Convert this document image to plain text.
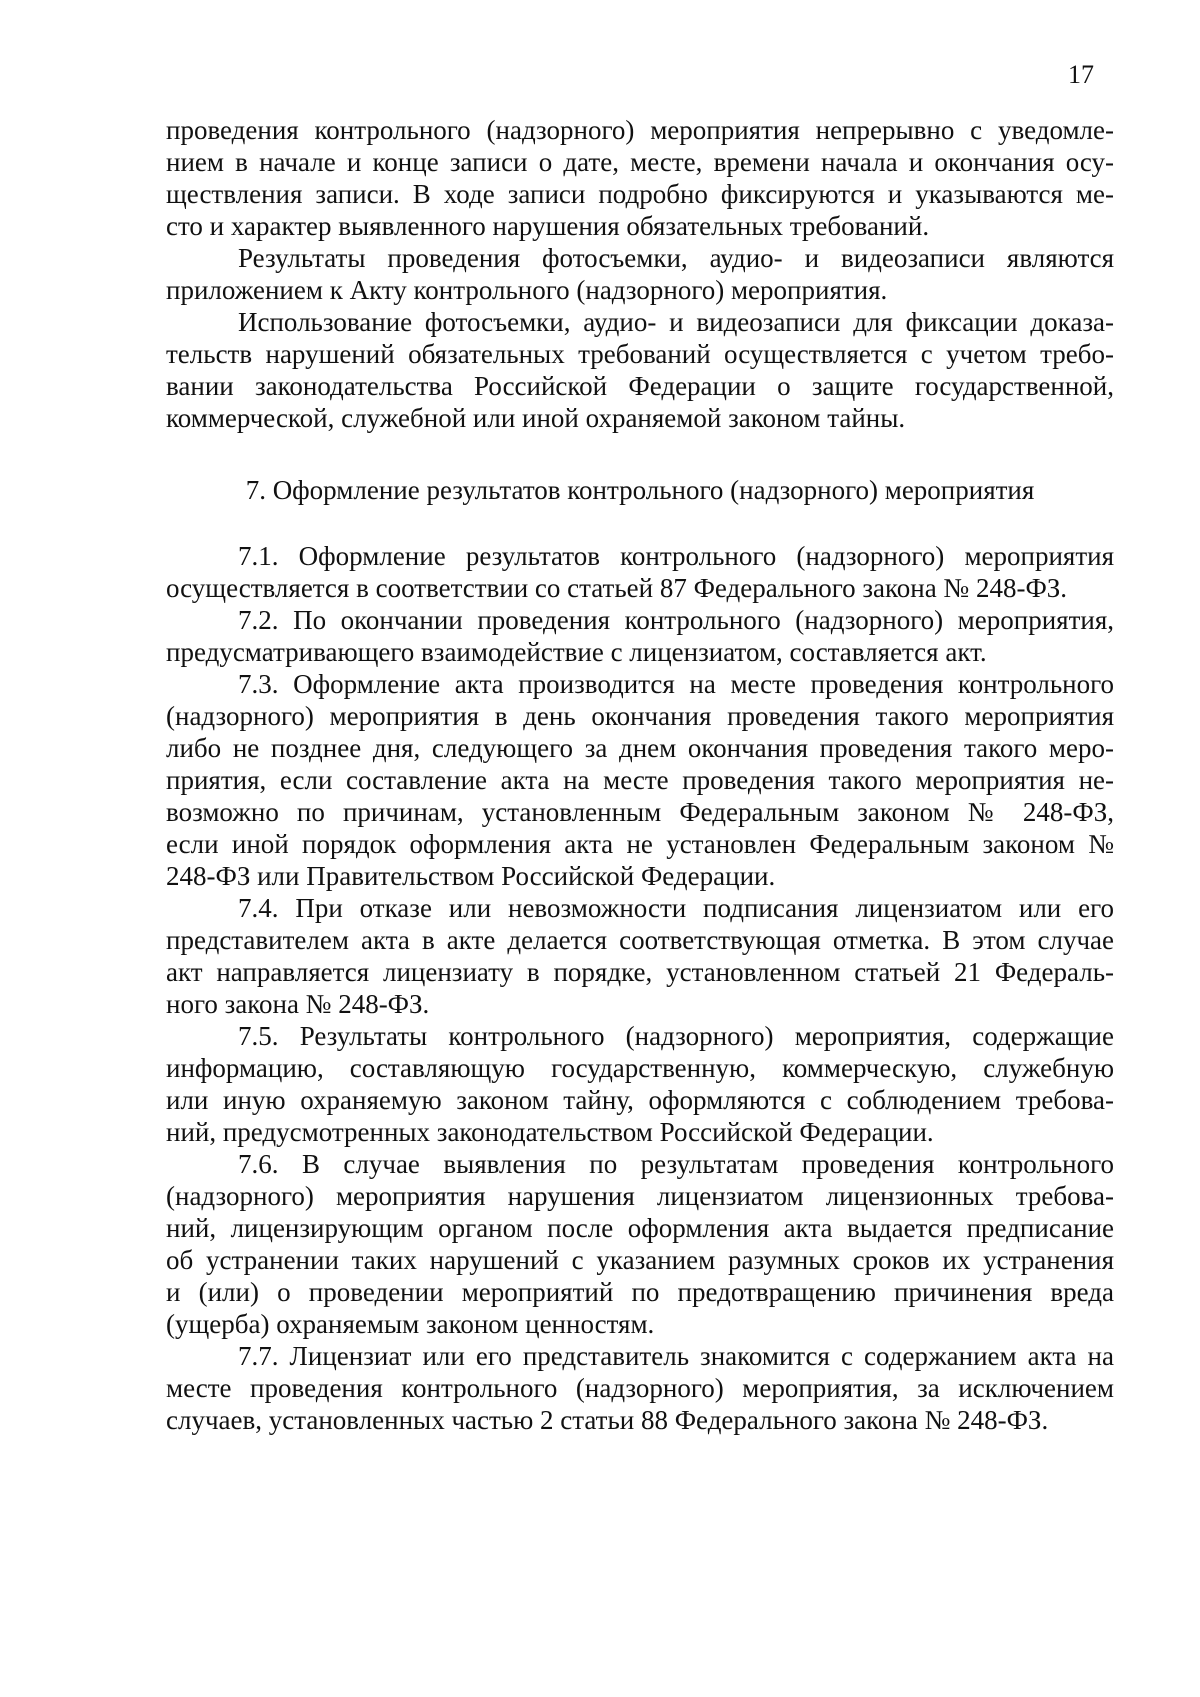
17
проведения контрольного (надзорного) мероприятия непрерывно с уведомле-
нием в начале и конце записи о дате, месте, времени начала и окончания осу-
ществления записи. В ходе записи подробно фиксируются и указываются ме-
сто и характер выявленного нарушения обязательных требований.
Результаты проведения фотосъемки, аудио- и видеозаписи являются
приложением к Акту контрольного (надзорного) мероприятия.
Использование фотосъемки, аудио- и видеозаписи для фиксации доказа-
тельств нарушений обязательных требований осуществляется с учетом требо-
вании законодательства Российской Федерации о защите государственной,
коммерческой, служебной или иной охраняемой законом тайны.
7. Оформление результатов контрольного (надзорного) мероприятия
7.1. Оформление результатов контрольного (надзорного) мероприятия
осуществляется в соответствии со статьей 87 Федерального закона № 248-ФЗ.
7.2. По окончании проведения контрольного (надзорного) мероприятия,
предусматривающего взаимодействие с лицензиатом, составляется акт.
7.3. Оформление акта производится на месте проведения контрольного
(надзорного) мероприятия в день окончания проведения такого мероприятия
либо не позднее дня, следующего за днем окончания проведения такого меро-
приятия, если составление акта на месте проведения такого мероприятия не-
возможно по причинам, установленным Федеральным законом № 248-ФЗ,
если иной порядок оформления акта не установлен Федеральным законом №
248-ФЗ или Правительством Российской Федерации.
7.4. При отказе или невозможности подписания лицензиатом или его
представителем акта в акте делается соответствующая отметка. В этом случае
акт направляется лицензиату в порядке, установленном статьей 21 Федераль-
ного закона № 248-ФЗ.
7.5. Результаты контрольного (надзорного) мероприятия, содержащие
информацию, составляющую государственную, коммерческую, служебную
или иную охраняемую законом тайну, оформляются с соблюдением требова-
ний, предусмотренных законодательством Российской Федерации.
7.6. В случае выявления по результатам проведения контрольного
(надзорного) мероприятия нарушения лицензиатом лицензионных требова-
ний, лицензирующим органом после оформления акта выдается предписание
об устранении таких нарушений с указанием разумных сроков их устранения
и (или) о проведении мероприятий по предотвращению причинения вреда
(ущерба) охраняемым законом ценностям.
7.7. Лицензиат или его представитель знакомится с содержанием акта на
месте проведения контрольного (надзорного) мероприятия, за исключением
случаев, установленных частью 2 статьи 88 Федерального закона № 248-ФЗ.
